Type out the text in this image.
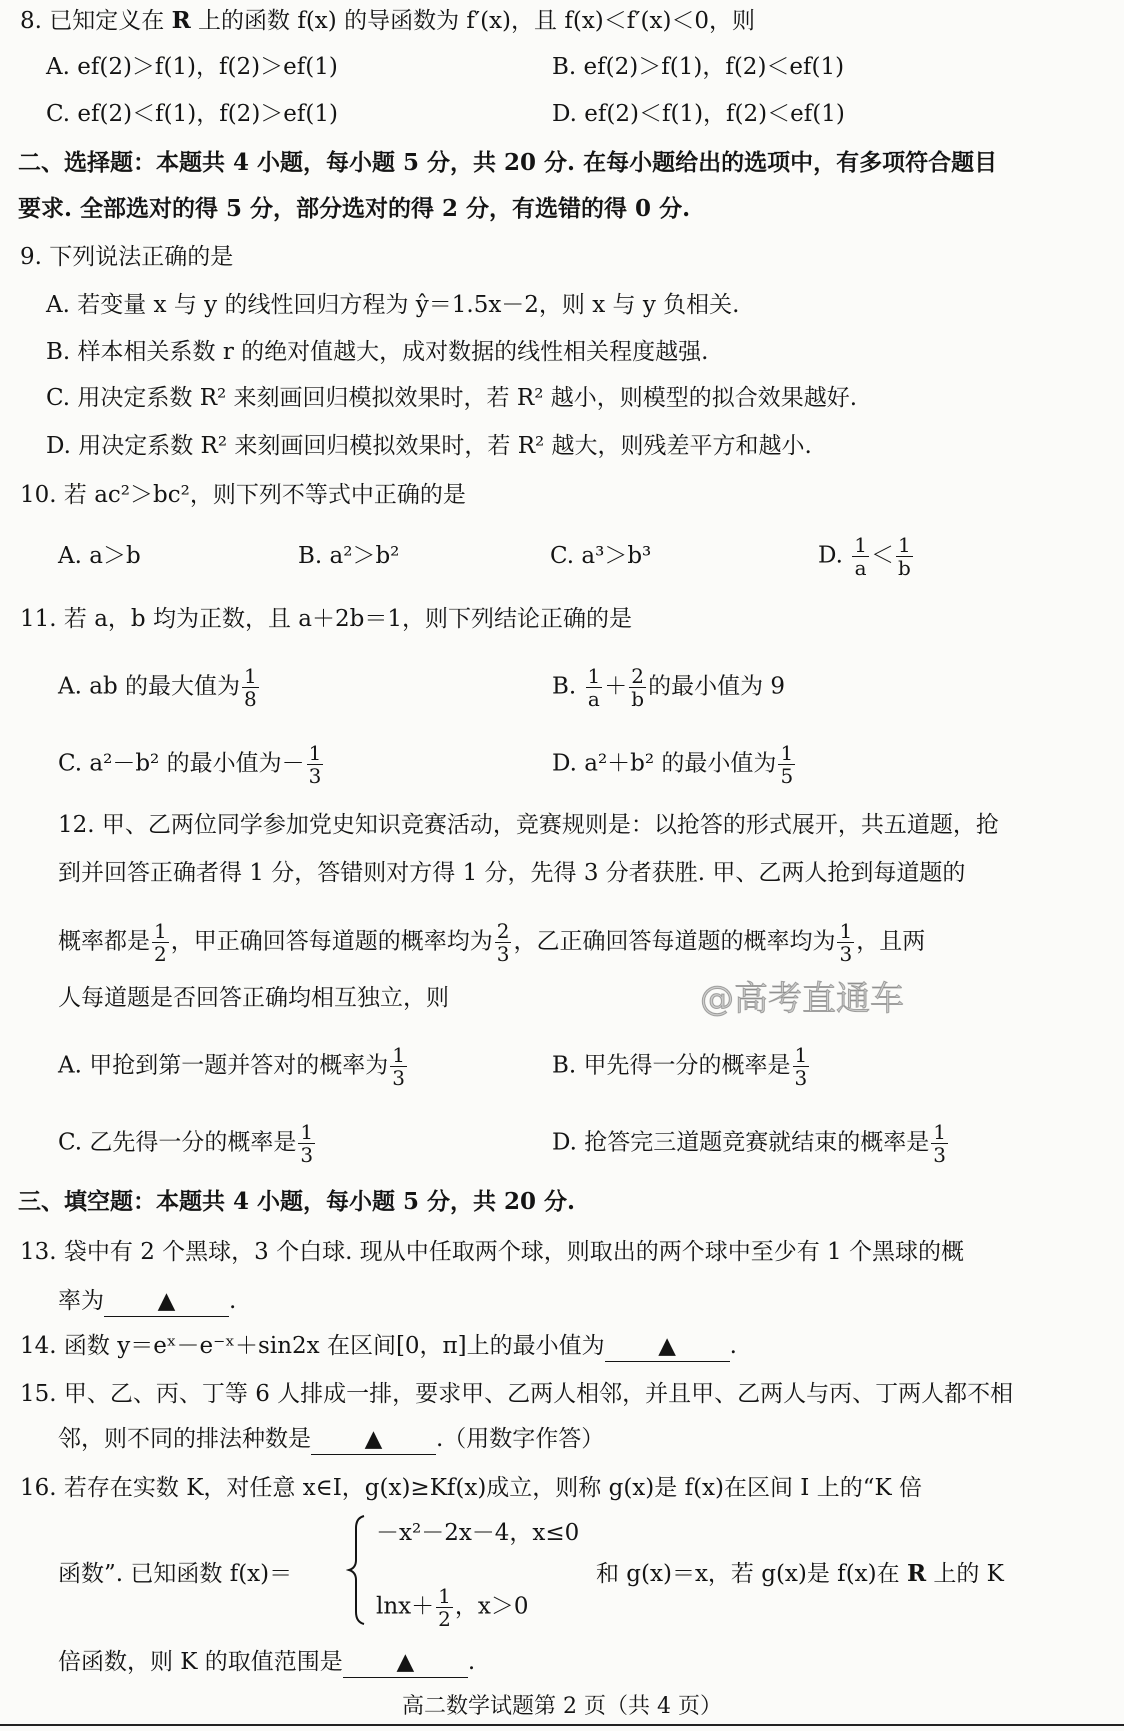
8. 已知定义在 R 上的函数 f(x) 的导函数为 f′(x)，且 f(x)＜f′(x)＜0，则
A. ef(2)＞f(1)，f(2)＞ef(1)	B. ef(2)＞f(1)，f(2)＜ef(1)
C. ef(2)＜f(1)，f(2)＞ef(1)	D. ef(2)＜f(1)，f(2)＜ef(1)
二、选择题：本题共 4 小题，每小题 5 分，共 20 分. 在每小题给出的选项中，有多项符合题目
要求. 全部选对的得 5 分，部分选对的得 2 分，有选错的得 0 分.
9. 下列说法正确的是
A. 若变量 x 与 y 的线性回归方程为 ŷ＝1.5x－2，则 x 与 y 负相关.
B. 样本相关系数 r 的绝对值越大，成对数据的线性相关程度越强.
C. 用决定系数 R² 来刻画回归模拟效果时，若 R² 越小，则模型的拟合效果越好.
D. 用决定系数 R² 来刻画回归模拟效果时，若 R² 越大，则残差平方和越小.
10. 若 ac²＞bc²，则下列不等式中正确的是
A. a＞b	B. a²＞b²	C. a³＞b³	D. $\frac{1}{a} < \frac{1}{b}$
11. 若 a，b 均为正数，且 a＋2b＝1，则下列结论正确的是
A. ab 的最大值为 $\frac{1}{8}$	B. $\frac{1}{a} + \frac{2}{b}$ 的最小值为 9
C. a²－b² 的最小值为－ $\frac{1}{3}$	D. a²＋b² 的最小值为 $\frac{1}{5}$
12. 甲、乙两位同学参加党史知识竞赛活动，竞赛规则是：以抢答的形式展开，共五道题，抢
到并回答正确者得 1 分，答错则对方得 1 分，先得 3 分者获胜. 甲、乙两人抢到每道题的
概率都是 $\frac{1}{2}$ ，甲正确回答每道题的概率均为 $\frac{2}{3}$ ，乙正确回答每道题的概率均为 $\frac{1}{3}$ ，且两
人每道题是否回答正确均相互独立，则
A. 甲抢到第一题并答对的概率为 $\frac{1}{3}$	B. 甲先得一分的概率是 $\frac{1}{3}$
C. 乙先得一分的概率是 $\frac{1}{3}$	D. 抢答完三道题竞赛就结束的概率是 $\frac{1}{3}$
三、填空题：本题共 4 小题，每小题 5 分，共 20 分.
13. 袋中有 2 个黑球，3 个白球. 现从中任取两个球，则取出的两个球中至少有 1 个黑球的概
率为 ▲ .
14. 函数 y＝eˣ－e⁻ˣ＋sin2x 在区间[0，π]上的最小值为 ▲ .
15. 甲、乙、丙、丁等 6 人排成一排，要求甲、乙两人相邻，并且甲、乙两人与丙、丁两人都不相
邻，则不同的排法种数是 ▲ .（用数字作答）
16. 若存在实数 K，对任意 x∈I，g(x)≥Kf(x)成立，则称 g(x)是 f(x)在区间 I 上的“K 倍
函数”. 已知函数 f(x)＝
－x²－2x－4，x≤0
$\ln x+ \frac{1}{2}$ ，x＞0
和 g(x)＝x，若 g(x)是 f(x)在 R 上的 K
倍函数，则 K 的取值范围是 ▲ .
@高考直通车
高二数学试题第 2 页（共 4 页）
